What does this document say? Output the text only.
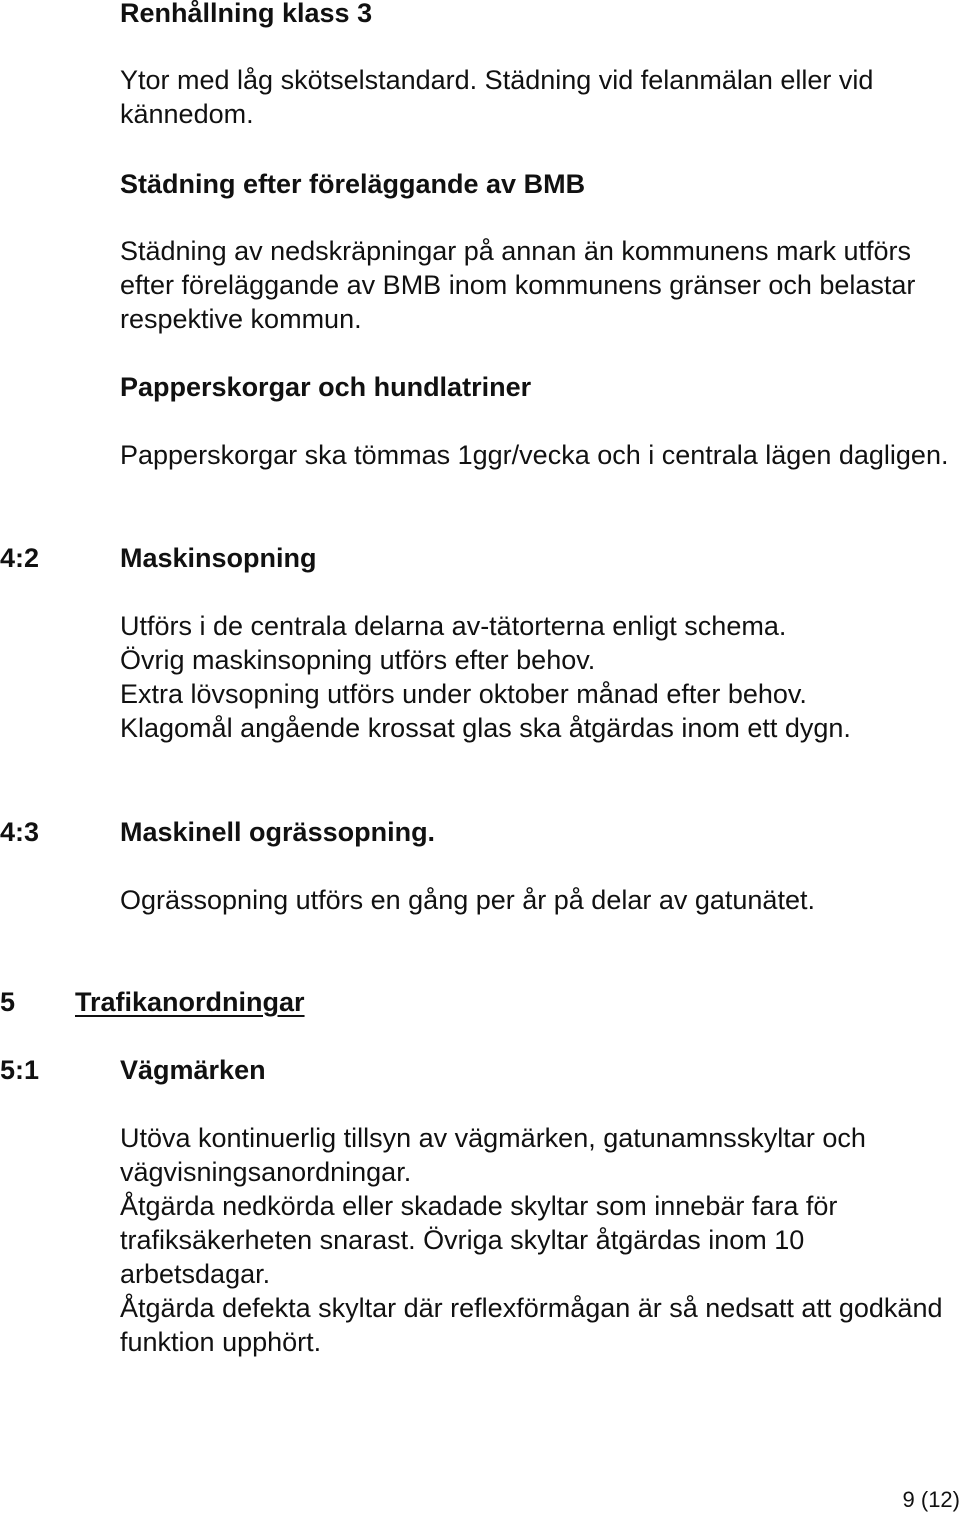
Renhållning klass 3

Ytor med låg skötselstandard. Städning vid felanmälan eller vid kännedom.

Städning efter föreläggande av BMB

Städning av nedskräpningar på annan än kommunens mark utförs efter föreläggande av BMB inom kommunens gränser och belastar respektive kommun.

Papperskorgar och hundlatriner

Papperskorgar ska tömmas 1ggr/vecka och i centrala lägen dagligen.

4:2	Maskinsopning

Utförs i de centrala delarna av-tätorterna enligt schema.

Övrig maskinsopning utförs efter behov.

Extra lövsopning utförs under oktober månad efter behov.

Klagomål angående krossat glas ska åtgärdas inom ett dygn.

4:3	Maskinell ogrässopning.

Ogrässopning utförs en gång per år på delar av gatunätet.

5 Trafikanordningar

5:1	Vägmärken

Utöva kontinuerlig tillsyn av vägmärken, gatunamnsskyltar och vägvisningsanordningar.

Åtgärda nedkörda eller skadade skyltar som innebär fara för trafiksäkerheten snarast. Övriga skyltar åtgärdas inom 10 arbetsdagar.

Åtgärda defekta skyltar där reflexförmågan är så nedsatt att godkänd funktion upphört.

9 (12)
